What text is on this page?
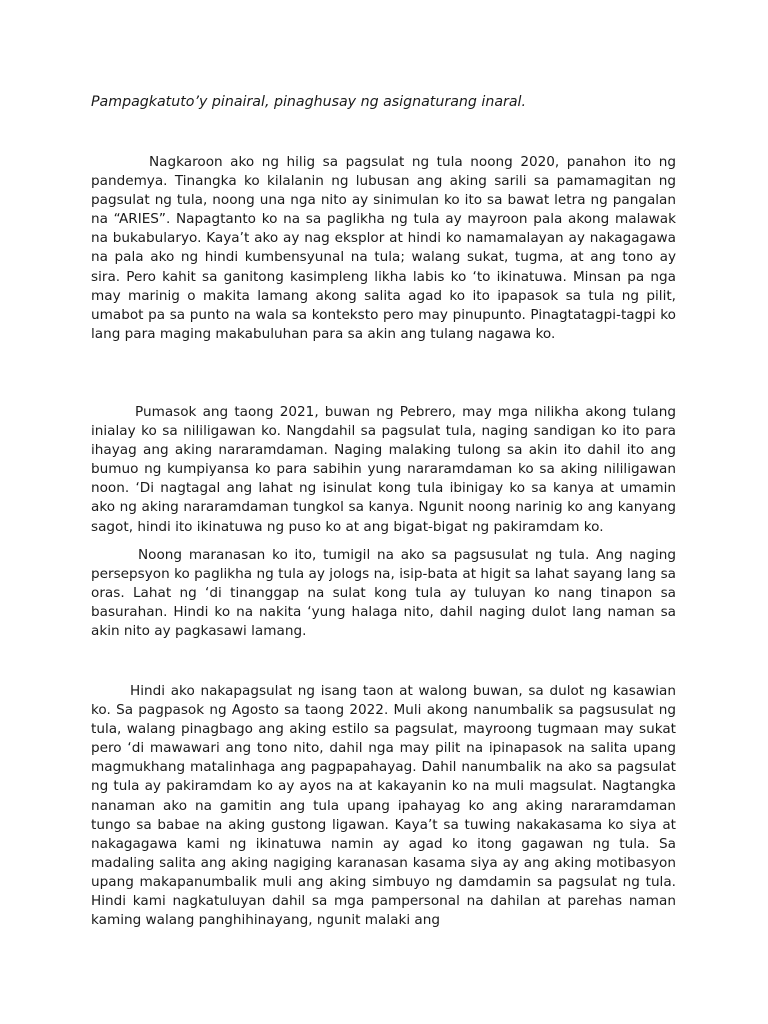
Pampagkatuto’y pinairal, pinaghusay ng asignaturang inaral.

Nagkaroon ako ng hilig sa pagsulat ng tula noong 2020, panahon ito ng pandemya. Tinangka ko kilalanin ng lubusan ang aking sarili sa pamamagitan ng pagsulat ng tula, noong una nga nito ay sinimulan ko ito sa bawat letra ng pangalan na “ARIES”. Napagtanto ko na sa paglikha ng tula ay mayroon pala akong malawak na bukabularyo. Kaya’t ako ay nag eksplor at hindi ko namamalayan ay nakagagawa na pala ako ng hindi kumbensyunal na tula; walang sukat, tugma, at ang tono ay sira. Pero kahit sa ganitong kasimpleng likha labis ko ‘to ikinatuwa. Minsan pa nga may marinig o makita lamang akong salita agad ko ito ipapasok sa tula ng pilit, umabot pa sa punto na wala sa konteksto pero may pinupunto. Pinagtatagpi-tagpi ko lang para maging makabuluhan para sa akin ang tulang nagawa ko.

Pumasok ang taong 2021, buwan ng Pebrero, may mga nilikha akong tulang inialay ko sa nililigawan ko. Nangdahil sa pagsulat tula, naging sandigan ko ito para ihayag ang aking nararamdaman. Naging malaking tulong sa akin ito dahil ito ang bumuo ng kumpiyansa ko para sabihin yung nararamdaman ko sa aking nililigawan noon. ‘Di nagtagal ang lahat ng isinulat kong tula ibinigay ko sa kanya at umamin ako ng aking nararamdaman tungkol sa kanya. Ngunit noong narinig ko ang kanyang sagot, hindi ito ikinatuwa ng puso ko at ang bigat-bigat ng pakiramdam ko.

Noong maranasan ko ito, tumigil na ako sa pagsusulat ng tula. Ang naging persepsyon ko paglikha ng tula ay jologs na, isip-bata at higit sa lahat sayang lang sa oras. Lahat ng ‘di tinanggap na sulat kong tula ay tuluyan ko nang tinapon sa basurahan. Hindi ko na nakita ‘yung halaga nito, dahil naging dulot lang naman sa akin nito ay pagkasawi lamang.

Hindi ako nakapagsulat ng isang taon at walong buwan, sa dulot ng kasawian ko. Sa pagpasok ng Agosto sa taong 2022. Muli akong nanumbalik sa pagsusulat ng tula, walang pinagbago ang aking estilo sa pagsulat, mayroong tugmaan may sukat pero ‘di mawawari ang tono nito, dahil nga may pilit na ipinapasok na salita upang magmukhang matalinhaga ang pagpapahayag. Dahil nanumbalik na ako sa pagsulat ng tula ay pakiramdam ko ay ayos na at kakayanin ko na muli magsulat. Nagtangka nanaman ako na gamitin ang tula upang ipahayag ko ang aking nararamdaman tungo sa babae na aking gustong ligawan. Kaya’t sa tuwing nakakasama ko siya at nakagagawa kami ng ikinatuwa namin ay agad ko itong gagawan ng tula. Sa madaling salita ang aking nagiging karanasan kasama siya ay ang aking motibasyon upang makapanumbalik muli ang aking simbuyo ng damdamin sa pagsulat ng tula. Hindi kami nagkatuluyan dahil sa mga pampersonal na dahilan at parehas naman kaming walang panghihinayang, ngunit malaki ang
